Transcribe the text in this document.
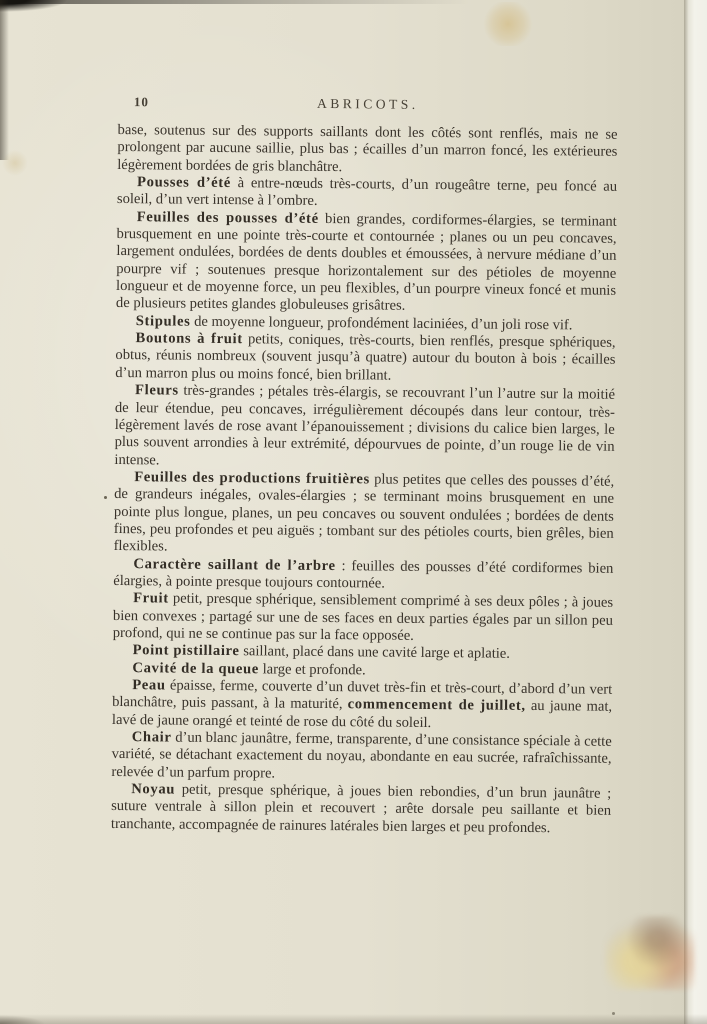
10	ABRICOTS.

base, soutenus sur des supports saillants dont les côtés sont renflés, mais ne se prolongent par aucune saillie, plus bas ; écailles d’un marron foncé, les extérieures légèrement bordées de gris blanchâtre.

Pousses d’été à entre-nœuds très-courts, d’un rougeâtre terne, peu foncé au soleil, d’un vert intense à l’ombre.

Feuilles des pousses d’été bien grandes, cordiformes-élargies, se terminant brusquement en une pointe très-courte et contournée ; planes ou un peu concaves, largement ondulées, bordées de dents doubles et émoussées, à nervure médiane d’un pourpre vif ; soutenues presque horizontalement sur des pétioles de moyenne longueur et de moyenne force, un peu flexibles, d’un pourpre vineux foncé et munis de plusieurs petites glandes globuleuses grisâtres.

Stipules de moyenne longueur, profondément laciniées, d’un joli rose vif.

Boutons à fruit petits, coniques, très-courts, bien renflés, presque sphériques, obtus, réunis nombreux (souvent jusqu’à quatre) autour du bouton à bois ; écailles d’un marron plus ou moins foncé, bien brillant.

Fleurs très-grandes ; pétales très-élargis, se recouvrant l’un l’autre sur la moitié de leur étendue, peu concaves, irrégulièrement découpés dans leur contour, très-légèrement lavés de rose avant l’épanouissement ; divisions du calice bien larges, le plus souvent arrondies à leur extrémité, dépourvues de pointe, d’un rouge lie de vin intense.

Feuilles des productions fruitières plus petites que celles des pousses d’été, de grandeurs inégales, ovales-élargies ; se terminant moins brusquement en une pointe plus longue, planes, un peu concaves ou souvent ondulées ; bordées de dents fines, peu profondes et peu aiguës ; tombant sur des pétioles courts, bien grêles, bien flexibles.

Caractère saillant de l’arbre : feuilles des pousses d’été cordiformes bien élargies, à pointe presque toujours contournée.

Fruit petit, presque sphérique, sensiblement comprimé à ses deux pôles ; à joues bien convexes ; partagé sur une de ses faces en deux parties égales par un sillon peu profond, qui ne se continue pas sur la face opposée.

Point pistillaire saillant, placé dans une cavité large et aplatie.

Cavité de la queue large et profonde.

Peau épaisse, ferme, couverte d’un duvet très-fin et très-court, d’abord d’un vert blanchâtre, puis passant, à la maturité, commencement de juillet, au jaune mat, lavé de jaune orangé et teinté de rose du côté du soleil.

Chair d’un blanc jaunâtre, ferme, transparente, d’une consistance spéciale à cette variété, se détachant exactement du noyau, abondante en eau sucrée, rafraîchissante, relevée d’un parfum propre.

Noyau petit, presque sphérique, à joues bien rebondies, d’un brun jaunâtre ; suture ventrale à sillon plein et recouvert ; arête dorsale peu saillante et bien tranchante, accompagnée de rainures latérales bien larges et peu profondes.
